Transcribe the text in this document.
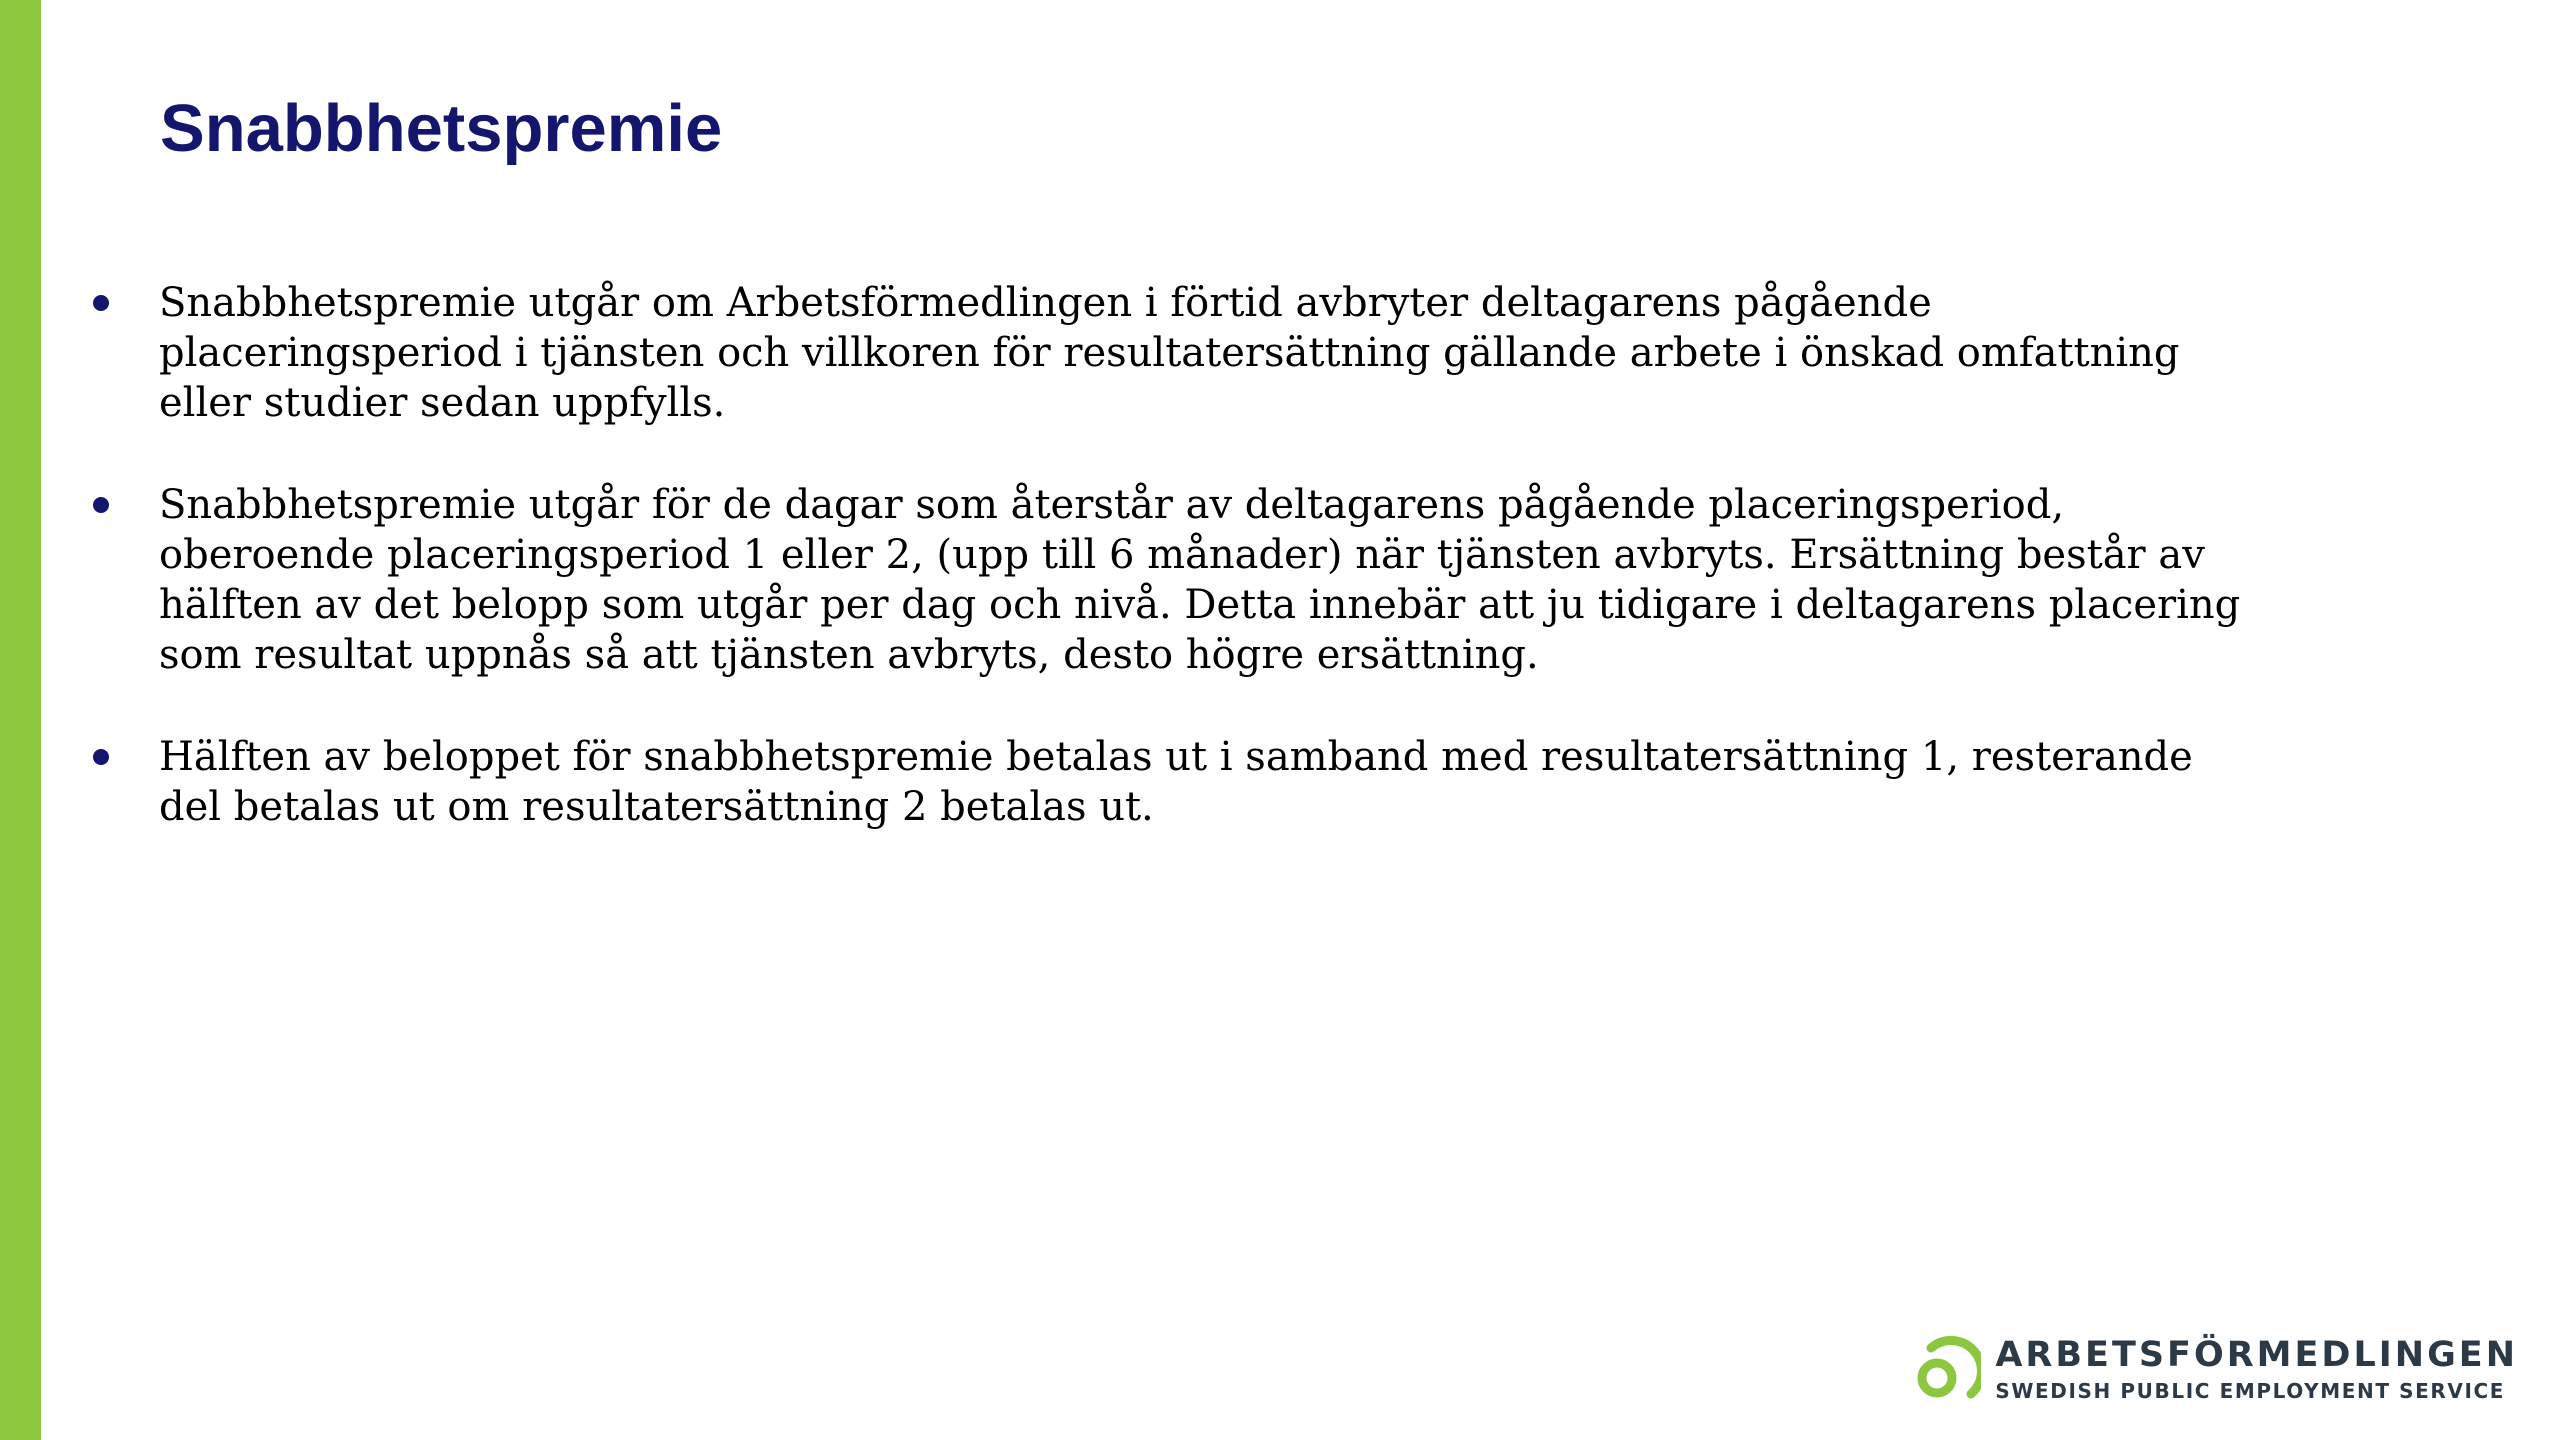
Snabbhetspremie
Snabbhetspremie utgår om Arbetsförmedlingen i förtid avbryter deltagarens pågående placeringsperiod i tjänsten och villkoren för resultatersättning gällande arbete i önskad omfattning eller studier sedan uppfylls.
Snabbhetspremie utgår för de dagar som återstår av deltagarens pågående placeringsperiod, oberoende placeringsperiod 1 eller 2, (upp till 6 månader) när tjänsten avbryts. Ersättning består av hälften av det belopp som utgår per dag och nivå. Detta innebär att ju tidigare i deltagarens placering som resultat uppnås så att tjänsten avbryts, desto högre ersättning.
Hälften av beloppet för snabbhetspremie betalas ut i samband med resultatersättning 1, resterande del betalas ut om resultatersättning 2 betalas ut.
ARBETSFÖRMEDLINGEN
SWEDISH PUBLIC EMPLOYMENT SERVICE
